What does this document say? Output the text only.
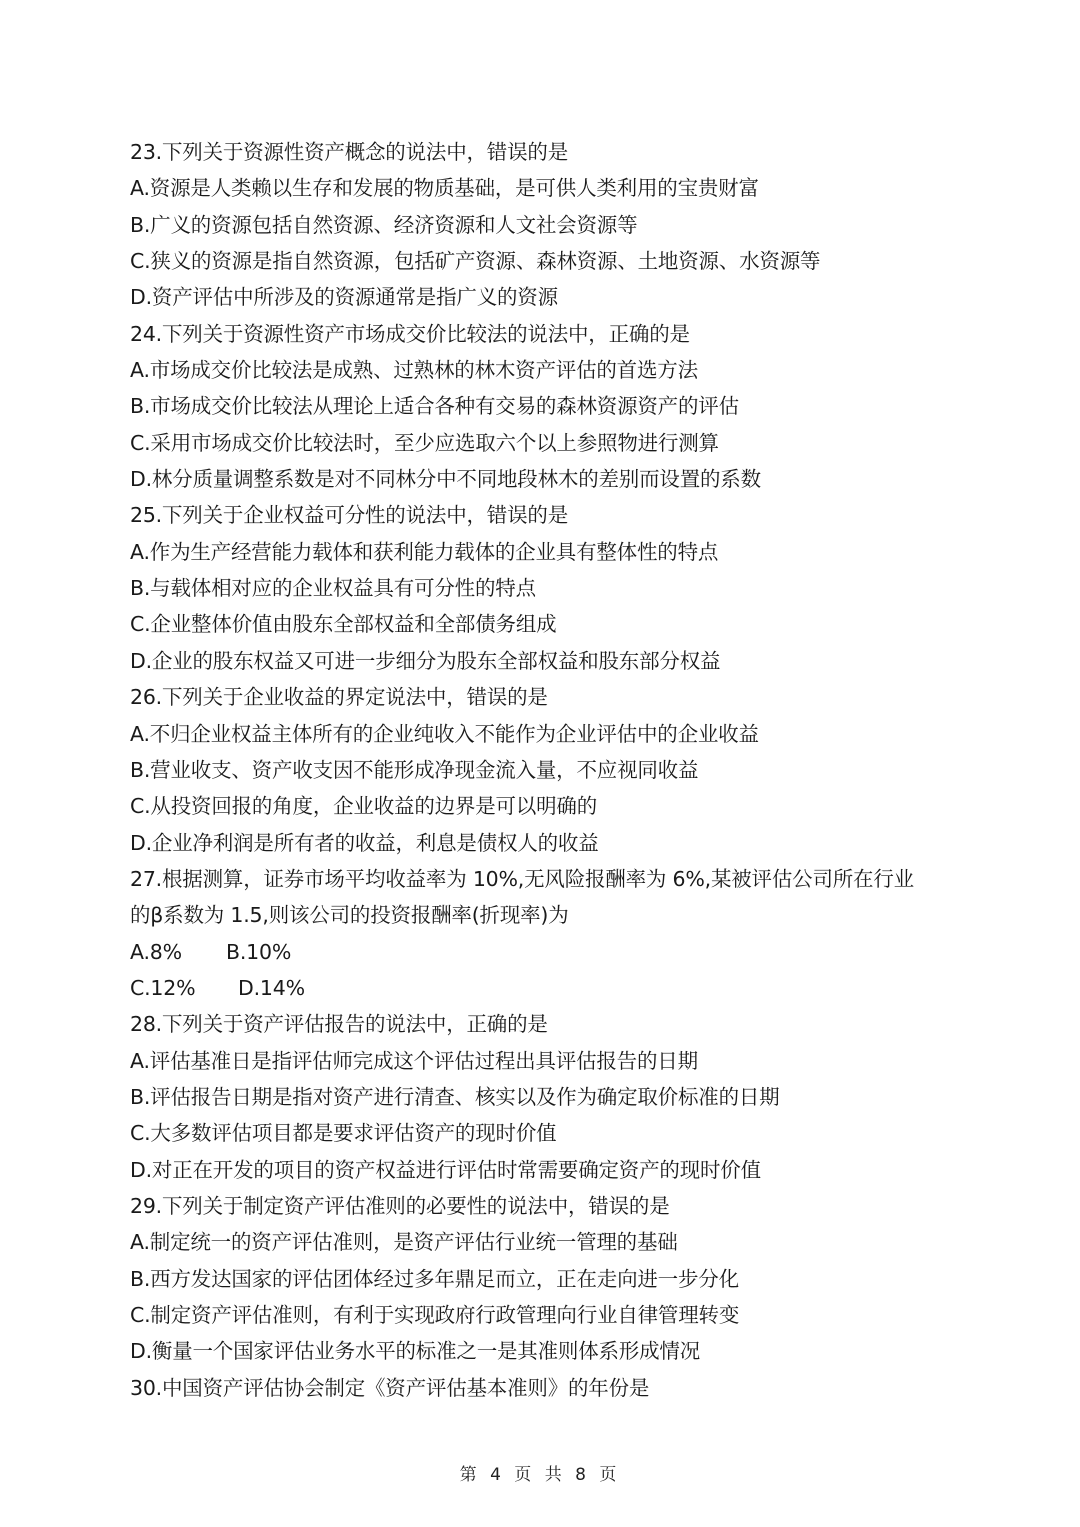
23.下列关于资源性资产概念的说法中，错误的是
A.资源是人类赖以生存和发展的物质基础，是可供人类利用的宝贵财富
B.广义的资源包括自然资源、经济资源和人文社会资源等
C.狭义的资源是指自然资源，包括矿产资源、森林资源、土地资源、水资源等
D.资产评估中所涉及的资源通常是指广义的资源
24.下列关于资源性资产市场成交价比较法的说法中，正确的是
A.市场成交价比较法是成熟、过熟林的林木资产评估的首选方法
B.市场成交价比较法从理论上适合各种有交易的森林资源资产的评估
C.采用市场成交价比较法时，至少应选取六个以上参照物进行测算
D.林分质量调整系数是对不同林分中不同地段林木的差别而设置的系数
25.下列关于企业权益可分性的说法中，错误的是
A.作为生产经营能力载体和获利能力载体的企业具有整体性的特点
B.与载体相对应的企业权益具有可分性的特点
C.企业整体价值由股东全部权益和全部债务组成
D.企业的股东权益又可进一步细分为股东全部权益和股东部分权益
26.下列关于企业收益的界定说法中，错误的是
A.不归企业权益主体所有的企业纯收入不能作为企业评估中的企业收益
B.营业收支、资产收支因不能形成净现金流入量，不应视同收益
C.从投资回报的角度，企业收益的边界是可以明确的
D.企业净利润是所有者的收益，利息是债权人的收益
27.根据测算，证券市场平均收益率为 10%,无风险报酬率为 6%,某被评估公司所在行业
的β系数为 1.5,则该公司的投资报酬率(折现率)为
A.8% B.10%
C.12% D.14%
28.下列关于资产评估报告的说法中，正确的是
A.评估基准日是指评估师完成这个评估过程出具评估报告的日期
B.评估报告日期是指对资产进行清查、核实以及作为确定取价标准的日期
C.大多数评估项目都是要求评估资产的现时价值
D.对正在开发的项目的资产权益进行评估时常需要确定资产的现时价值
29.下列关于制定资产评估准则的必要性的说法中，错误的是
A.制定统一的资产评估准则，是资产评估行业统一管理的基础
B.西方发达国家的评估团体经过多年鼎足而立，正在走向进一步分化
C.制定资产评估准则，有利于实现政府行政管理向行业自律管理转变
D.衡量一个国家评估业务水平的标准之一是其准则体系形成情况
30.中国资产评估协会制定《资产评估基本准则》的年份是
第 4 页 共 8 页
